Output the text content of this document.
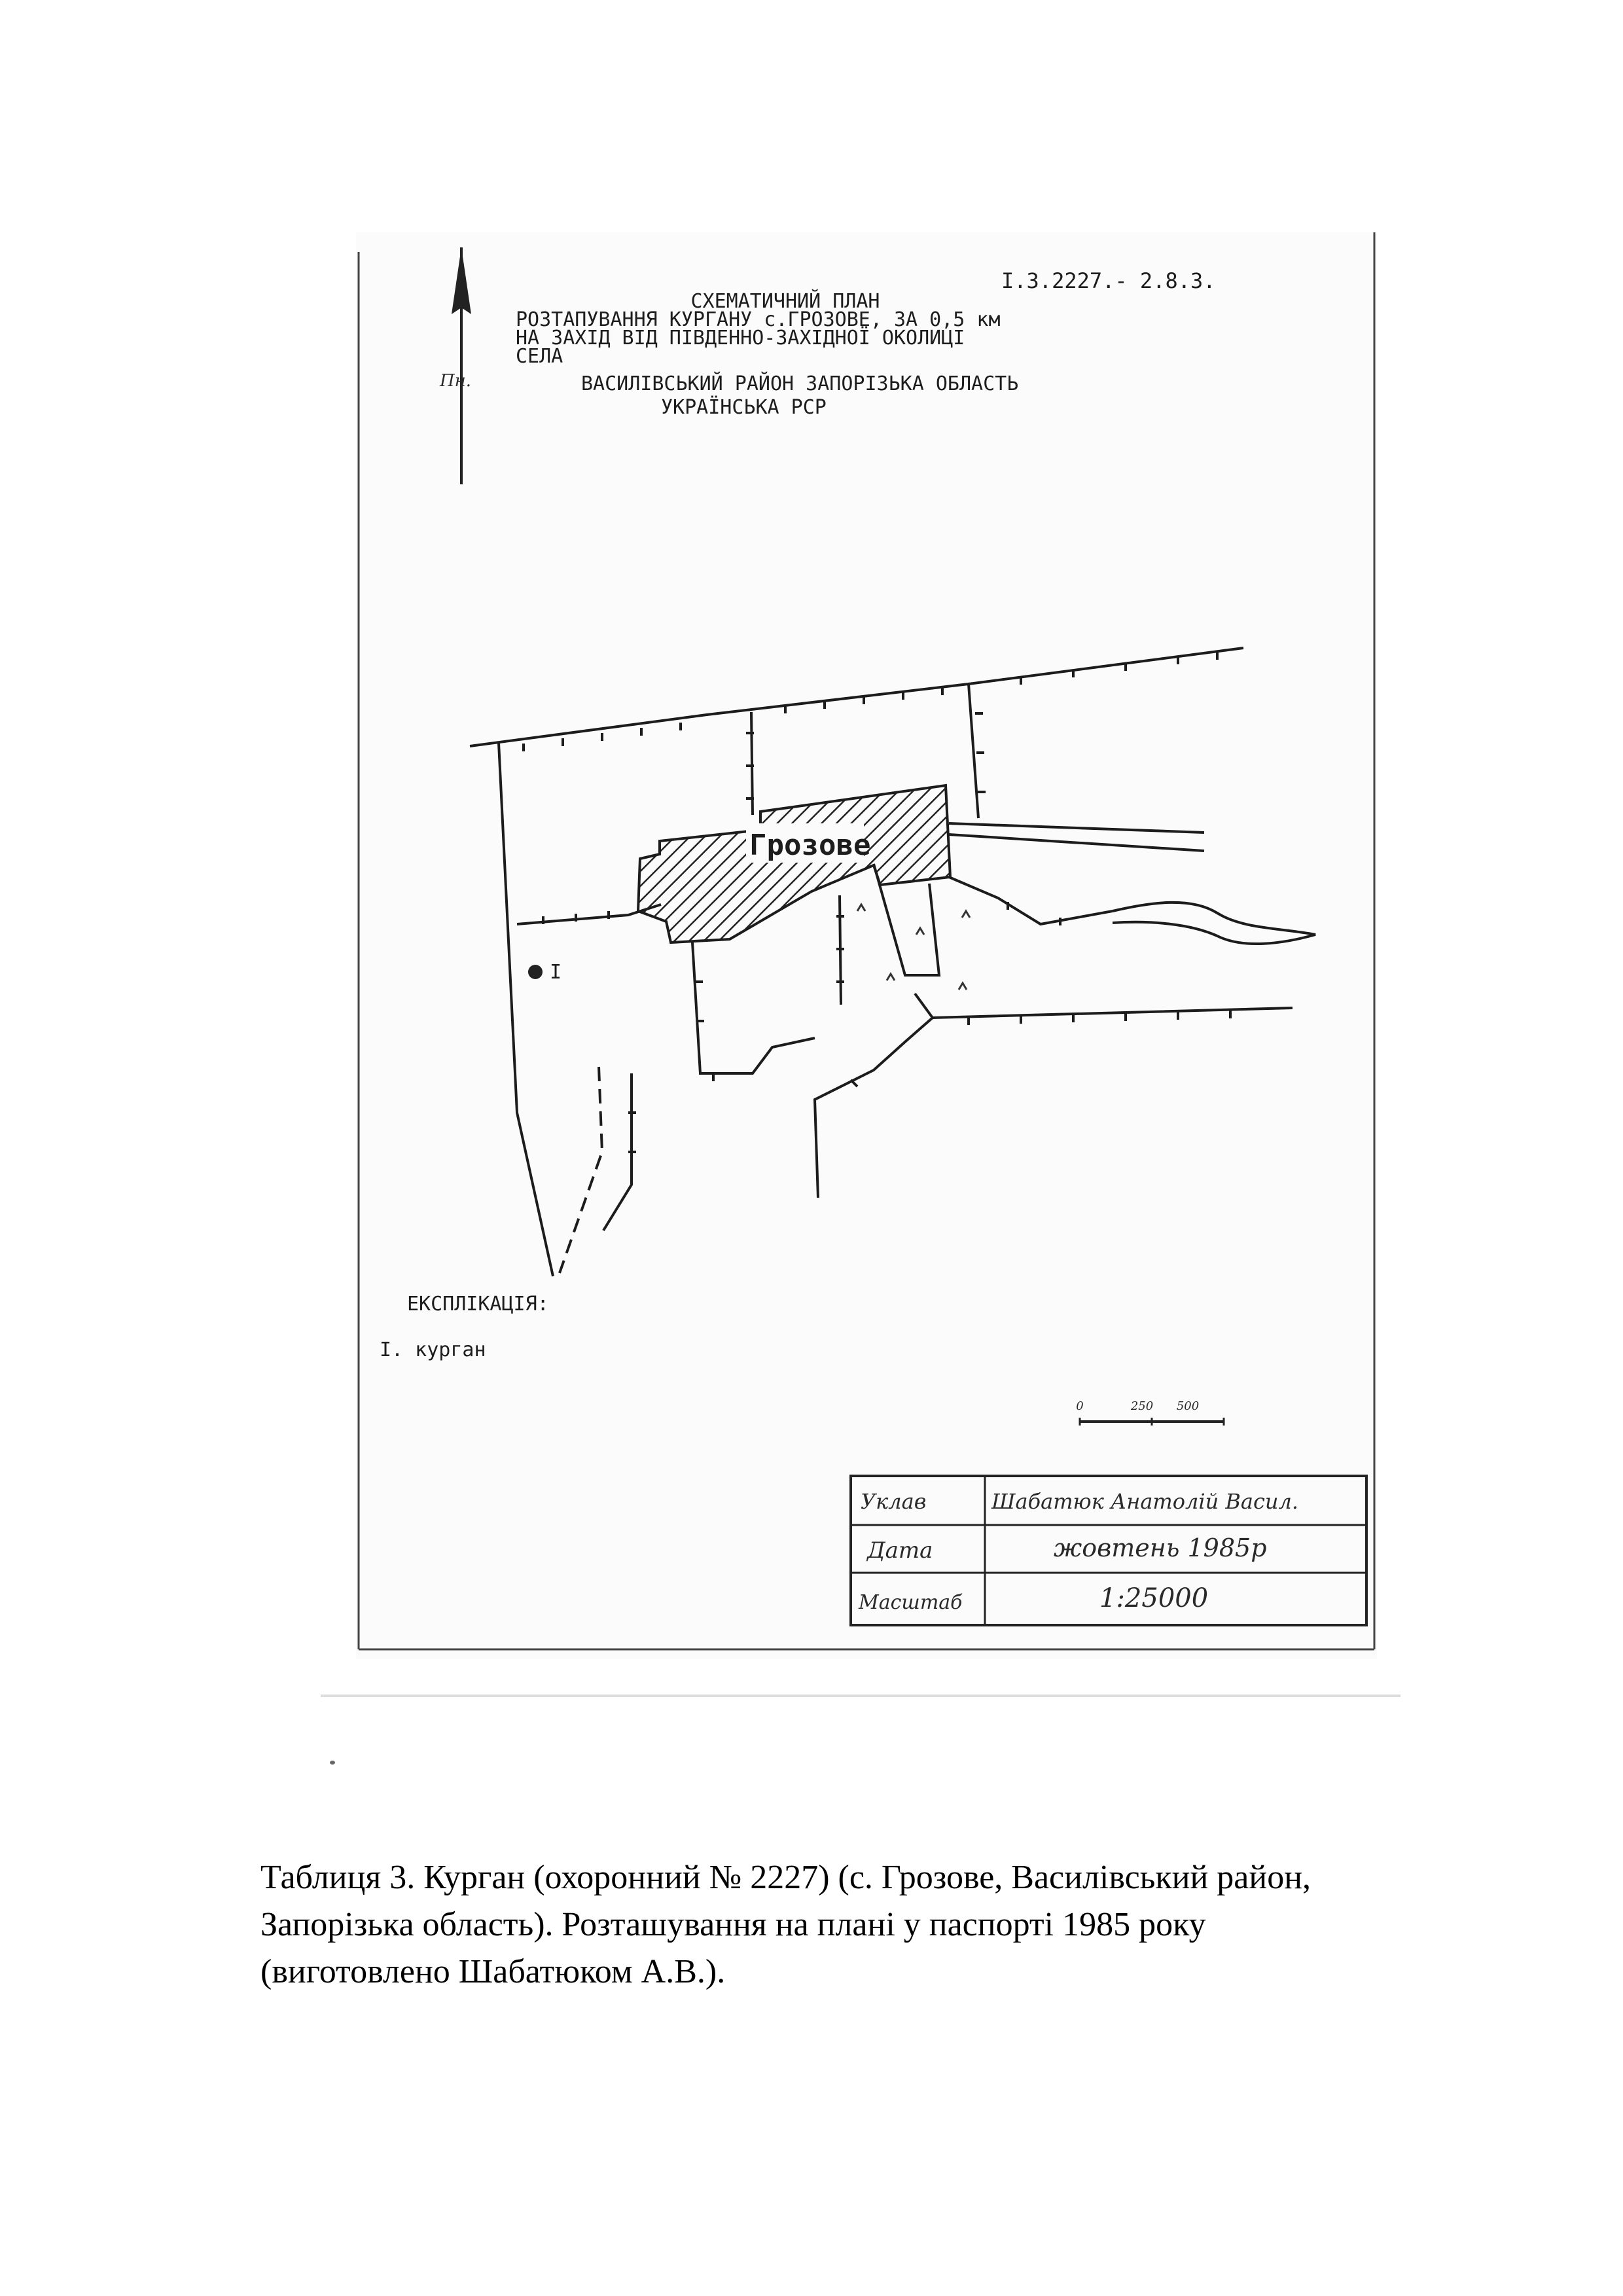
Пн.
СХЕМАТИЧНИЙ ПЛАН
РОЗТАПУВАННЯ КУРГАНУ с.ГРОЗОВЕ, ЗА 0,5 км
НА ЗАХІД ВІД ПІВДЕННО-ЗАХІДНОЇ ОКОЛИЦІ
СЕЛА
ВАСИЛІВСЬКИЙ РАЙОН ЗАПОРІЗЬКА ОБЛАСТЬ
УКРАЇНСЬКА РСР
І.3.2227.- 2.8.3.
Грозове
І
ЕКСПЛІКАЦІЯ:
І. курган
0	250 500
Уклав	Шабатюк Анатолій Васил.
Дата	жовтень 1985р
Масштаб	1:25000
Таблиця 3. Курган (охоронний № 2227) (с. Грозове, Василівський район,
Запорізька область). Розташування на плані у паспорті 1985 року
(виготовлено Шабатюком А.В.).
